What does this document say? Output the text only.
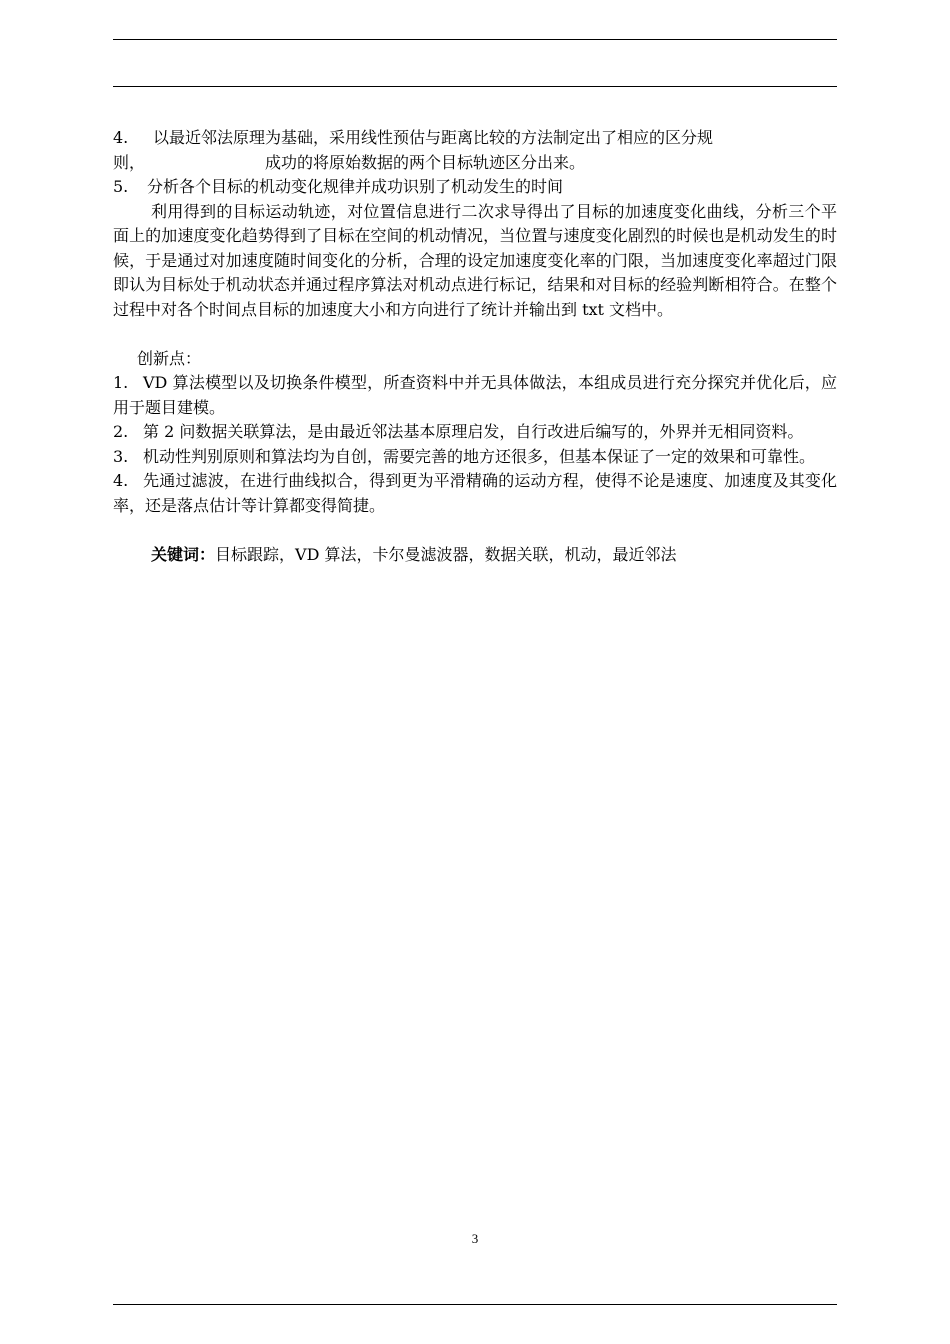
4. 以最近邻法原理为基础，采用线性预估与距离比较的方法制定出了相应的区分规
则，	成功的将原始数据的两个目标轨迹区分出来。

5. 分析各个目标的机动变化规律并成功识别了机动发生的时间

利用得到的目标运动轨迹，对位置信息进行二次求导得出了目标的加速度变化曲线，分析三个平面上的加速度变化趋势得到了目标在空间的机动情况，当位置与速度变化剧烈的时候也是机动发生的时候，于是通过对加速度随时间变化的分析，合理的设定加速度变化率的门限，当加速度变化率超过门限即认为目标处于机动状态并通过程序算法对机动点进行标记，结果和对目标的经验判断相符合。在整个过程中对各个时间点目标的加速度大小和方向进行了统计并输出到 txt 文档中。

创新点：

1. VD 算法模型以及切换条件模型，所查资料中并无具体做法，本组成员进行充分探究并优化后，应用于题目建模。

2. 第 2 问数据关联算法，是由最近邻法基本原理启发，自行改进后编写的，外界并无相同资料。

3. 机动性判别原则和算法均为自创，需要完善的地方还很多，但基本保证了一定的效果和可靠性。

4. 先通过滤波，在进行曲线拟合，得到更为平滑精确的运动方程，使得不论是速度、加速度及其变化率，还是落点估计等计算都变得简捷。

关键词：目标跟踪，VD 算法，卡尔曼滤波器，数据关联，机动，最近邻法

3
